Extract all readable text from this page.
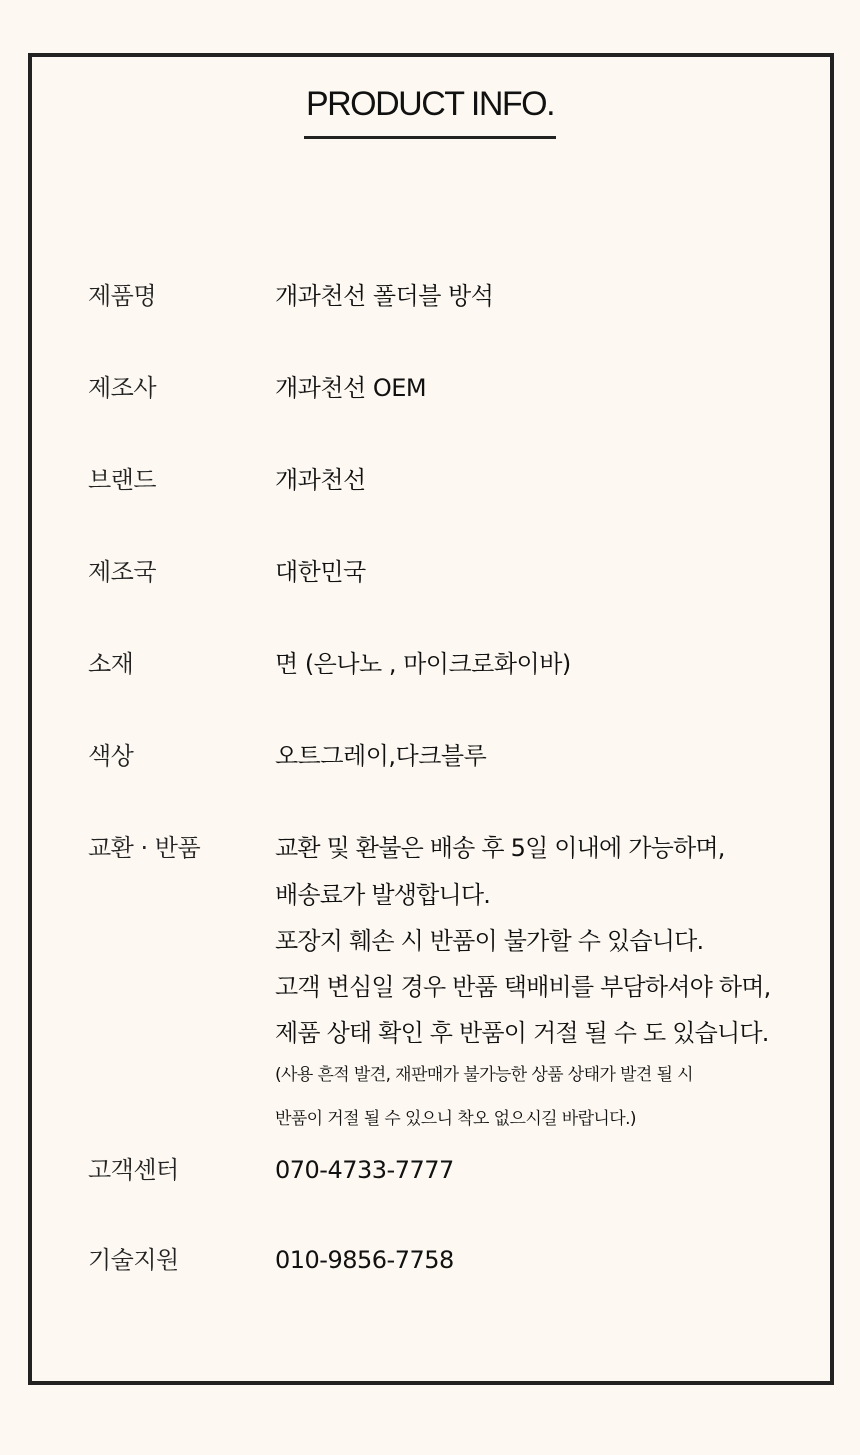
PRODUCT INFO.
제품명	개과천선 폴더블 방석
제조사	개과천선 OEM
브랜드	개과천선
제조국	대한민국
소재	면 (은나노 , 마이크로화이바)
색상	오트그레이,다크블루
교환 · 반품	교환 및 환불은 배송 후 5일 이내에 가능하며,
배송료가 발생합니다.
포장지 훼손 시 반품이 불가할 수 있습니다.
고객 변심일 경우 반품 택배비를 부담하셔야 하며,
제품 상태 확인 후 반품이 거절 될 수 도 있습니다.
(사용 흔적 발견, 재판매가 불가능한 상품 상태가 발견 될 시
반품이 거절 될 수 있으니 착오 없으시길 바랍니다.)
고객센터	070-4733-7777
기술지원	010-9856-7758
